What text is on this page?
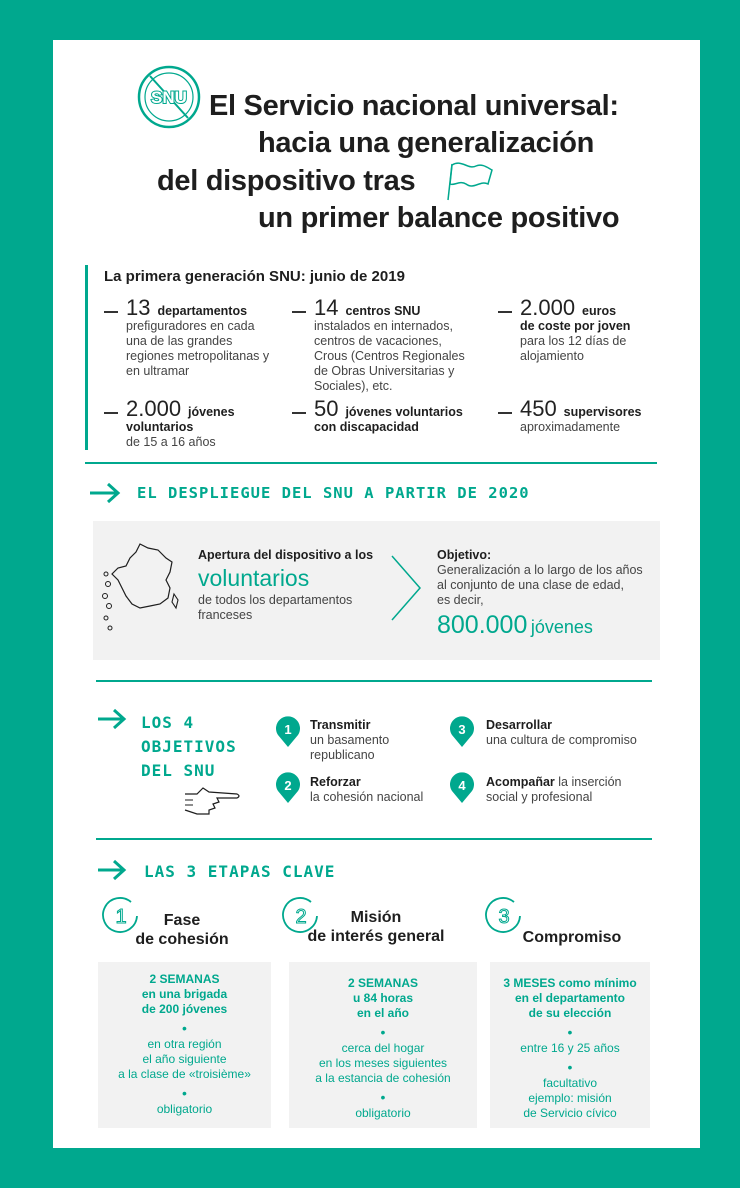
SNU El Servicio nacional universal:
hacia una generalización
del dispositivo tras
un primer balance positivo
La primera generación SNU: junio de 2019
13 departamentos
prefiguradores en cada una de las grandes regiones metropolitanas y en ultramar
14 centros SNU
instalados en internados, centros de vacaciones, Crous (Centros Regionales de Obras Universitarias y Sociales), etc.
2.000 euros
de coste por joven
para los 12 días de alojamiento
2.000 jóvenes
voluntarios
de 15 a 16 años
50 jóvenes voluntarios
con discapacidad
450 supervisores
aproximadamente
EL DESPLIEGUE DEL SNU A PARTIR DE 2020
Apertura del dispositivo a los
voluntarios
de todos los departamentos
franceses
Objetivo:
Generalización a lo largo de los años
al conjunto de una clase de edad,
es decir,
800.000 jóvenes
LOS 4
OBJETIVOS
DEL SNU
1 Transmitir
un basamento republicano
2 Reforzar
la cohesión nacional
3 Desarrollar
una cultura de compromiso
4 Acompañar la inserción social y profesional
LAS 3 ETAPAS CLAVE
1	Fase
de cohesión
2 SEMANAS
en una brigada
de 200 jóvenes
•
en otra región
el año siguiente
a la clase de «troisième»
•
obligatorio
2	Misión
de interés general
2 SEMANAS
u 84 horas
en el año
•
cerca del hogar
en los meses siguientes
a la estancia de cohesión
•
obligatorio
3
Compromiso
3 MESES como mínimo
en el departamento
de su elección
•
entre 16 y 25 años
•
facultativo
ejemplo: misión
de Servicio cívico
